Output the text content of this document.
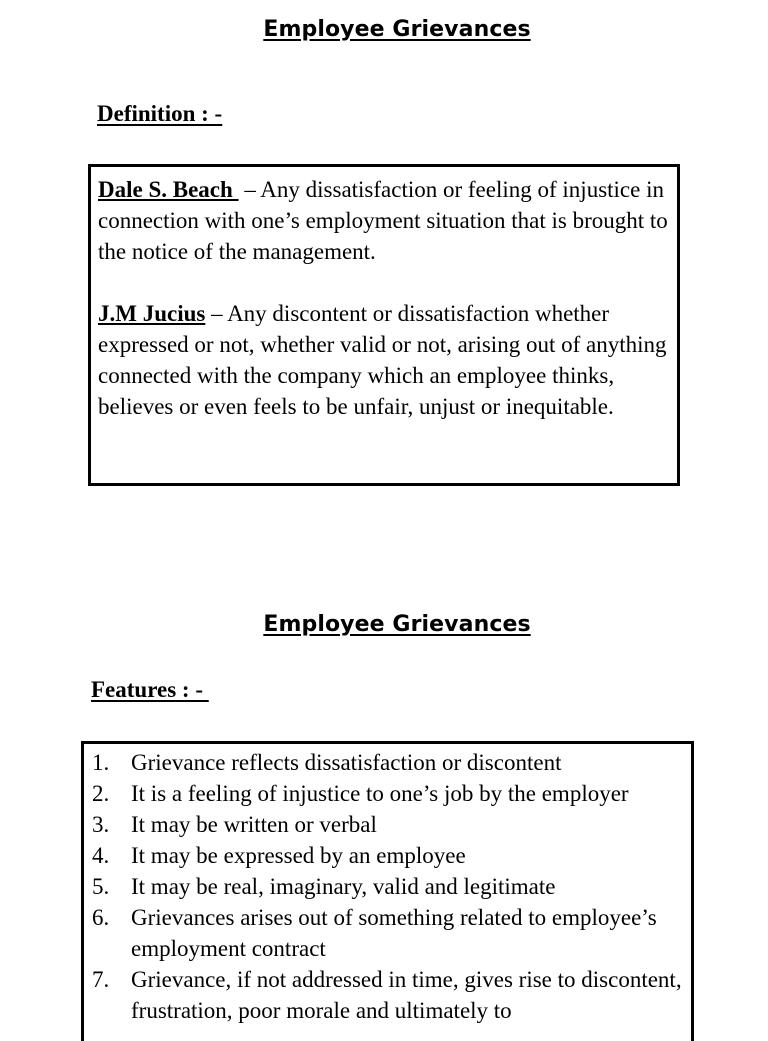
Employee Grievances
Definition : -

Dale S. Beach  – Any dissatisfaction or feeling of injustice in connection with one’s employment situation that is brought to the notice of the management.

J.M Jucius – Any discontent or dissatisfaction whether expressed or not, whether valid or not, arising out of anything connected with the company which an employee thinks, believes or even feels to be unfair, unjust or inequitable.

Employee Grievances
Features : -
1. Grievance reflects dissatisfaction or discontent
2. It is a feeling of injustice to one’s job by the employer
3. It may be written or verbal
4. It may be expressed by an employee
5. It may be real, imaginary, valid and legitimate
6. Grievances arises out of something related to employee’s employment contract
7. Grievance, if not addressed in time, gives rise to discontent, frustration, poor morale and ultimately to
